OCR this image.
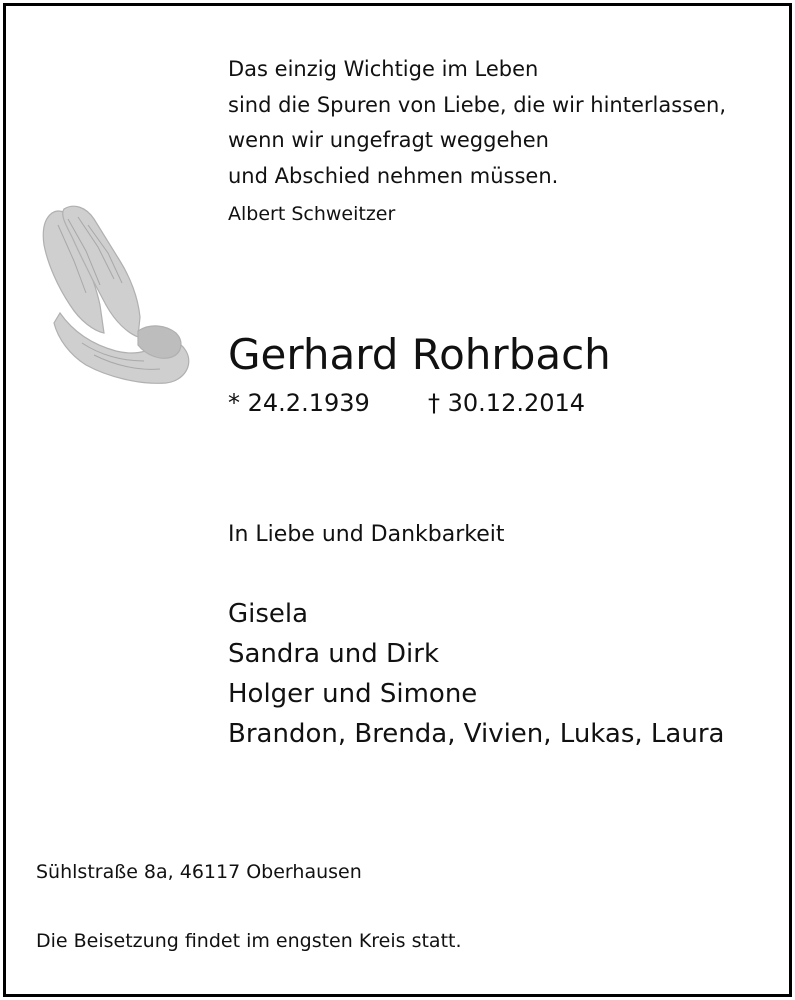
Das einzig Wichtige im Leben
sind die Spuren von Liebe, die wir hinterlassen,
wenn wir ungefragt weggehen
und Abschied nehmen müssen.
Albert Schweitzer
Gerhard Rohrbach
* 24.2.1939 † 30.12.2014
In Liebe und Dankbarkeit
Gisela
Sandra und Dirk
Holger und Simone
Brandon, Brenda, Vivien, Lukas, Laura
Sühlstraße 8a, 46117 Oberhausen
Die Beisetzung findet im engsten Kreis statt.
